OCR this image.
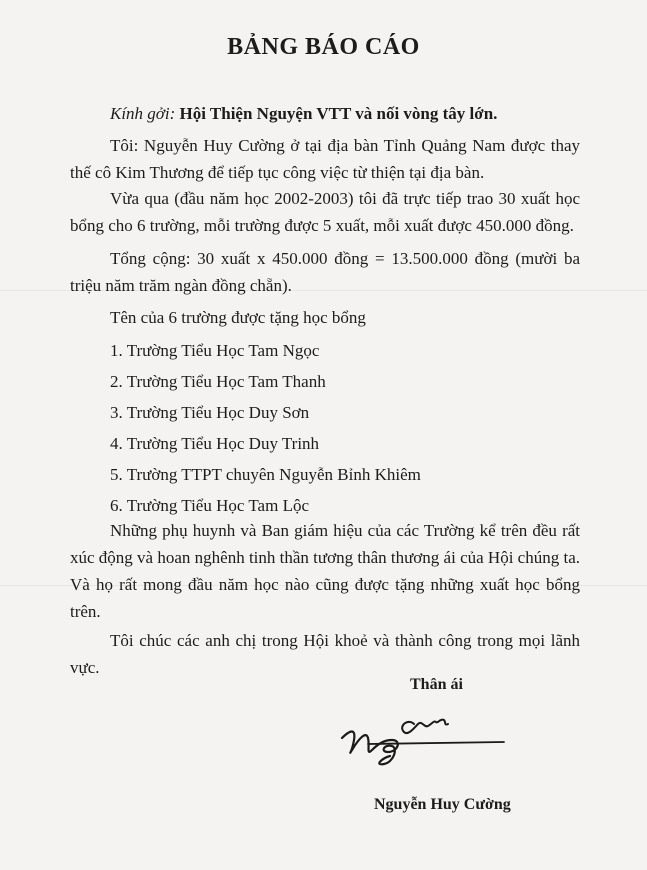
BẢNG BÁO CÁO
Kính gởi: Hội Thiện Nguyện VTT và nối vòng tây lớn.

Tôi: Nguyễn Huy Cường ở tại địa bàn Tỉnh Quảng Nam được thay thế cô Kim Thương để tiếp tục công việc từ thiện tại địa bàn.

Vừa qua (đầu năm học 2002-2003) tôi đã trực tiếp trao 30 xuất học bổng cho 6 trường, mỗi trường được 5 xuất, mỗi xuất được 450.000 đồng.

Tổng cộng: 30 xuất x 450.000 đồng = 13.500.000 đồng (mười ba triệu năm trăm ngàn đồng chẵn).

Tên của 6 trường được tặng học bổng

1. Trường Tiểu Học Tam Ngọc
2. Trường Tiểu Học Tam Thanh
3. Trường Tiểu Học Duy Sơn
4. Trường Tiểu Học Duy Trinh
5. Trường TTPT chuyên Nguyễn Bỉnh Khiêm
6. Trường Tiểu Học Tam Lộc

Những phụ huynh và Ban giám hiệu của các Trường kể trên đều rất xúc động và hoan nghênh tinh thần tương thân thương ái của Hội chúng ta. Và họ rất mong đầu năm học nào cũng được tặng những xuất học bổng trên.

Tôi chúc các anh chị trong Hội khoẻ và thành công trong mọi lãnh vực.

Thân ái
Nguyễn Huy Cường
